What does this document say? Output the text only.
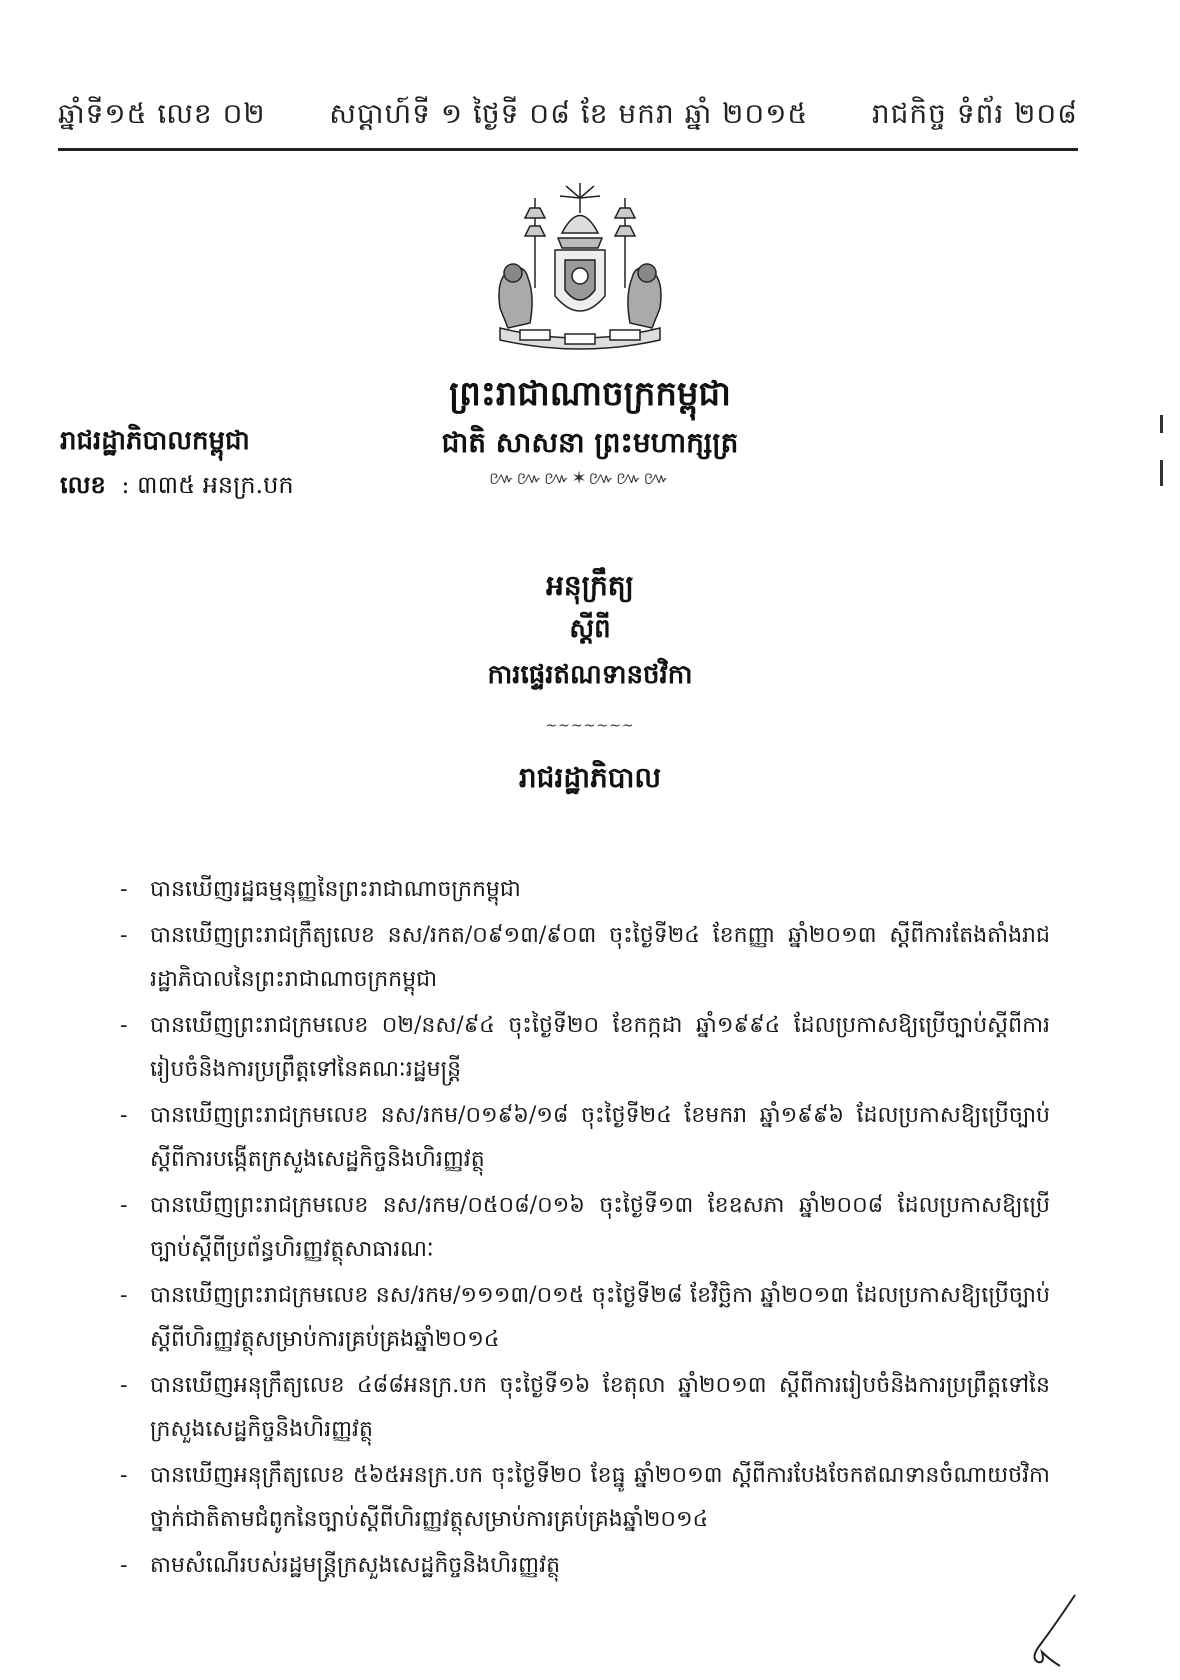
ឆ្នាំទី១៥ លេខ ០២ សប្តាហ៍ទី ១ ថ្ងៃទី ០៨ ខែ មករា ឆ្នាំ ២០១៥ រាជកិច្ច ទំព័រ ២០៨
ព្រះរាជាណាចក្រកម្ពុជា
ជាតិ សាសនា ព្រះមហាក្សត្រ
៚៚៚✶៚៚៚
រាជរដ្ឋាភិបាលកម្ពុជា
លេខ : ៣៣៥ អនក្រ.បក
អនុក្រឹត្យ
ស្តីពី
ការផ្ទេរឥណទានថវិកា
~~~~~~~
រាជរដ្ឋាភិបាល
- បានឃើញរដ្ឋធម្មនុញ្ញនៃព្រះរាជាណាចក្រកម្ពុជា
- បានឃើញព្រះរាជក្រឹត្យលេខ នស/រកត/០៩១៣/៩០៣ ចុះថ្ងៃទី២៤ ខែកញ្ញា ឆ្នាំ២០១៣ ស្តីពីការតែងតាំងរាជរដ្ឋាភិបាលនៃព្រះរាជាណាចក្រកម្ពុជា
- បានឃើញព្រះរាជក្រមលេខ ០២/នស/៩៤ ចុះថ្ងៃទី២០ ខែកក្កដា ឆ្នាំ១៩៩៤ ដែលប្រកាសឱ្យប្រើច្បាប់ស្តីពីការរៀបចំនិងការប្រព្រឹត្តទៅនៃគណៈរដ្ឋមន្ត្រី
- បានឃើញព្រះរាជក្រមលេខ នស/រកម/០១៩៦/១៨ ចុះថ្ងៃទី២៤ ខែមករា ឆ្នាំ១៩៩៦ ដែលប្រកាសឱ្យប្រើច្បាប់ស្តីពីការបង្កើតក្រសួងសេដ្ឋកិច្ចនិងហិរញ្ញវត្ថុ
- បានឃើញព្រះរាជក្រមលេខ នស/រកម/០៥០៨/០១៦ ចុះថ្ងៃទី១៣ ខែឧសភា ឆ្នាំ២០០៨ ដែលប្រកាសឱ្យប្រើច្បាប់ស្តីពីប្រព័ន្ធហិរញ្ញវត្ថុសាធារណៈ
- បានឃើញព្រះរាជក្រមលេខ នស/រកម/១១១៣/០១៥ ចុះថ្ងៃទី២៨ ខែវិច្ឆិកា ឆ្នាំ២០១៣ ដែលប្រកាសឱ្យប្រើច្បាប់ស្តីពីហិរញ្ញវត្ថុសម្រាប់ការគ្រប់គ្រងឆ្នាំ២០១៤
- បានឃើញអនុក្រឹត្យលេខ ៤៨៨អនក្រ.បក ចុះថ្ងៃទី១៦ ខែតុលា ឆ្នាំ២០១៣ ស្តីពីការរៀបចំនិងការប្រព្រឹត្តទៅនៃក្រសួងសេដ្ឋកិច្ចនិងហិរញ្ញវត្ថុ
- បានឃើញអនុក្រឹត្យលេខ ៥៦៥អនក្រ.បក ចុះថ្ងៃទី២០ ខែធ្នូ ឆ្នាំ២០១៣ ស្តីពីការបែងចែកឥណទានចំណាយថវិកាថ្នាក់ជាតិតាមជំពូកនៃច្បាប់ស្តីពីហិរញ្ញវត្ថុសម្រាប់ការគ្រប់គ្រងឆ្នាំ២០១៤
- តាមសំណើរបស់រដ្ឋមន្ត្រីក្រសួងសេដ្ឋកិច្ចនិងហិរញ្ញវត្ថុ
